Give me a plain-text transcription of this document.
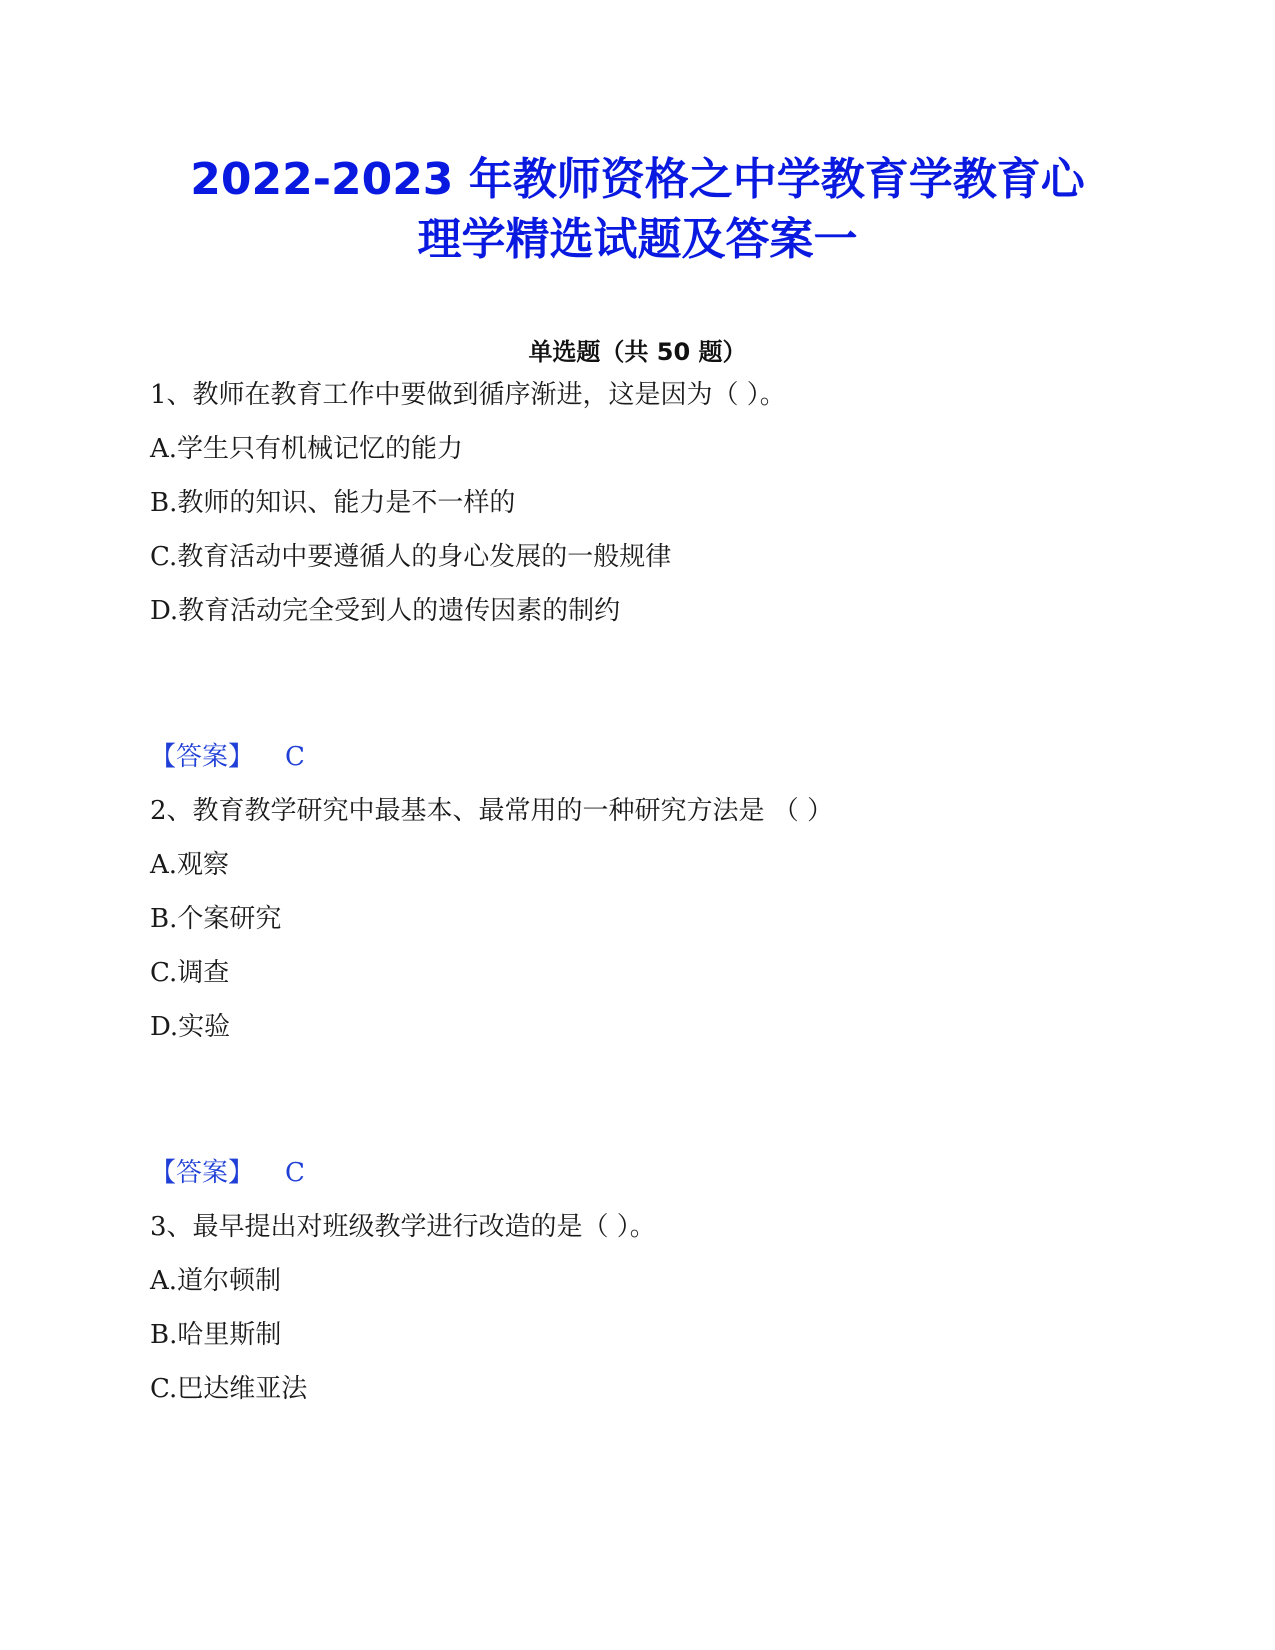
2022-2023 年教师资格之中学教育学教育心
理学精选试题及答案一
单选题（共 50 题）
1、教师在教育工作中要做到循序渐进，这是因为（ ）。
A.学生只有机械记忆的能力
B.教师的知识、能力是不一样的
C.教育活动中要遵循人的身心发展的一般规律
D.教育活动完全受到人的遗传因素的制约
【答案】 C
2、教育教学研究中最基本、最常用的一种研究方法是 （ ）
A.观察
B.个案研究
C.调查
D.实验
【答案】 C
3、最早提出对班级教学进行改造的是（ ）。
A.道尔顿制
B.哈里斯制
C.巴达维亚法
